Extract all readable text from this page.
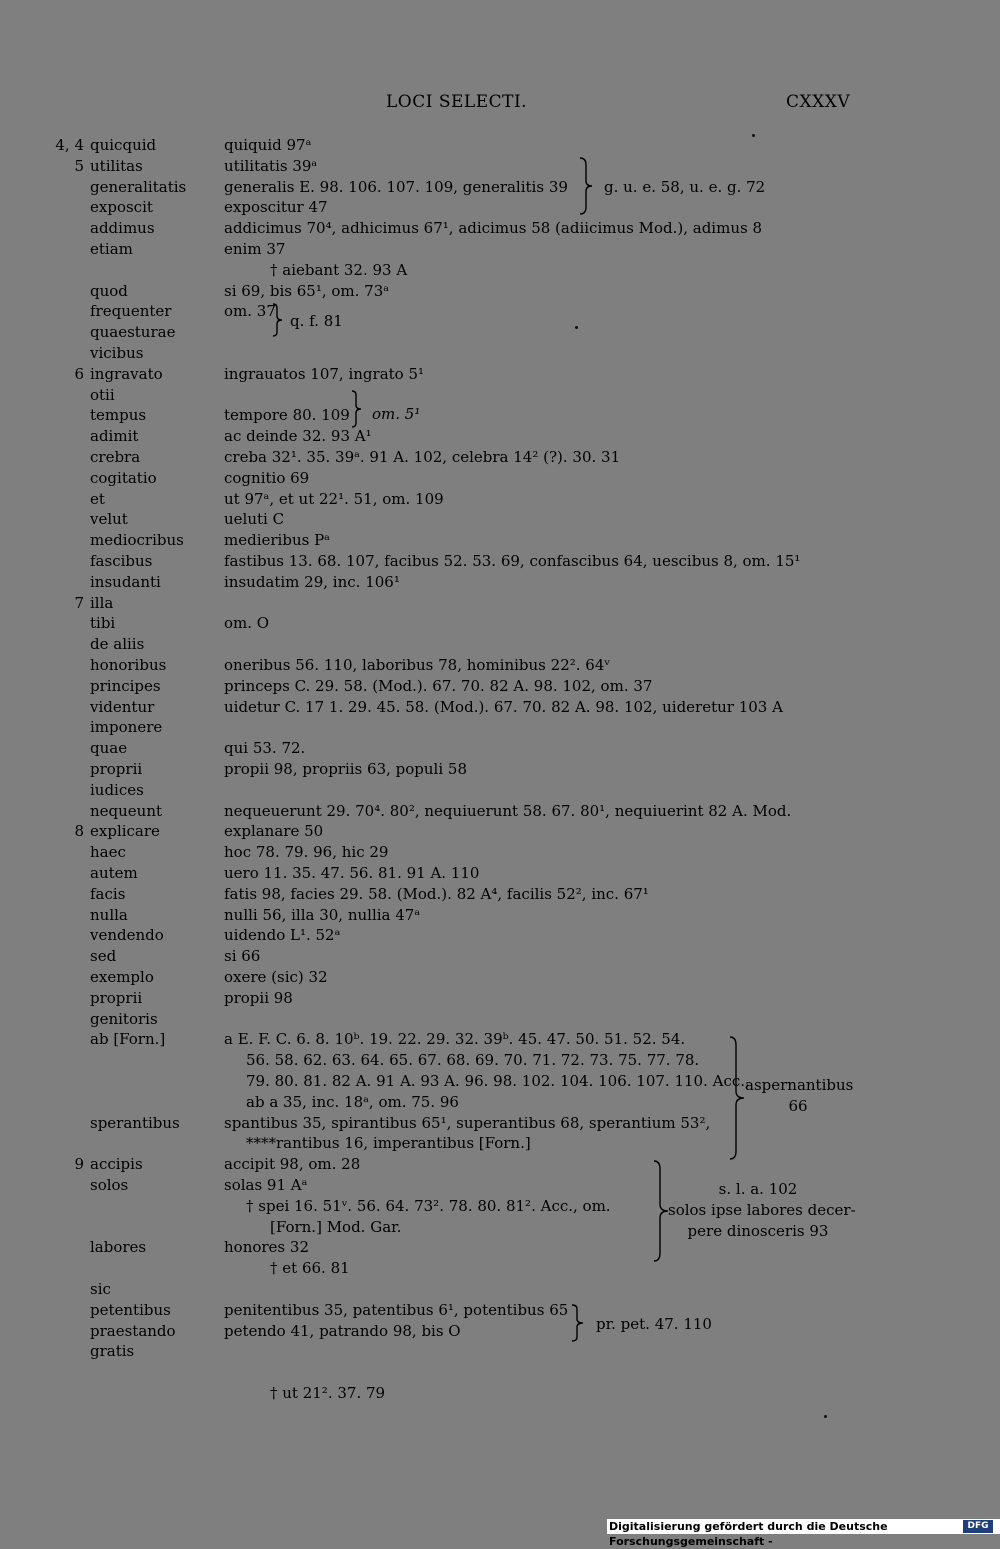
LOCI SELECTI.	CXXXV
4, 4 quicquid	quiquid 97ᵃ
5 utilitas	utilitatis 39ᵃ
generalitatis	generalis E. 98. 106. 107. 109, generalitis 39
exposcit	exposcitur 47
addimus	addicimus 70⁴, adhicimus 67¹, adicimus 58 (adiicimus Mod.), adimus 8
etiam	enim 37
† aiebant 32. 93 A
quod	si 69, bis 65¹, om. 73ᵃ
frequenter	om. 37
quaesturae
vicibus
6 ingravato	ingrauatos 107, ingrato 5¹
otii
tempus	tempore 80. 109
adimit	ac deinde 32. 93 A¹
crebra	creba 32¹. 35. 39ᵃ. 91 A. 102, celebra 14² (?). 30. 31
cogitatio	cognitio 69
et	ut 97ᵃ, et ut 22¹. 51, om. 109
velut	ueluti C
mediocribus	medieribus Pᵃ
fascibus	fastibus 13. 68. 107, facibus 52. 53. 69, confascibus 64, uescibus 8, om. 15¹
insudanti	insudatim 29, inc. 106¹
7 illa
tibi	om. O
de aliis
honoribus	oneribus 56. 110, laboribus 78, hominibus 22². 64ᵛ
principes	princeps C. 29. 58. (Mod.). 67. 70. 82 A. 98. 102, om. 37
videntur	uidetur C. 17 1. 29. 45. 58. (Mod.). 67. 70. 82 A. 98. 102, uideretur 103 A
imponere
quae	qui 53. 72.
proprii	propii 98, propriis 63, populi 58
iudices
nequeunt	nequeuerunt 29. 70⁴. 80², nequiuerunt 58. 67. 80¹, nequiuerint 82 A. Mod.
8 explicare	explanare 50
haec	hoc 78. 79. 96, hic 29
autem	uero 11. 35. 47. 56. 81. 91 A. 110
facis	fatis 98, facies 29. 58. (Mod.). 82 A⁴, facilis 52², inc. 67¹
nulla	nulli 56, illa 30, nullia 47ᵃ
vendendo	uidendo L¹. 52ᵃ
sed	si 66
exemplo	oxere (sic) 32
proprii	propii 98
genitoris
ab [Forn.]	a E. F. C. 6. 8. 10ᵇ. 19. 22. 29. 32. 39ᵇ. 45. 47. 50. 51. 52. 54.
56. 58. 62. 63. 64. 65. 67. 68. 69. 70. 71. 72. 73. 75. 77. 78.
79. 80. 81. 82 A. 91 A. 93 A. 96. 98. 102. 104. 106. 107. 110. Acc.,
ab a 35, inc. 18ᵃ, om. 75. 96
sperantibus	spantibus 35, spirantibus 65¹, superantibus 68, sperantium 53²,
****rantibus 16, imperantibus [Forn.]
9 accipis	accipit 98, om. 28
solos	solas 91 Aᵃ
† spei 16. 51ᵛ. 56. 64. 73². 78. 80. 81². Acc., om.
[Forn.] Mod. Gar.
labores	honores 32
† et 66. 81
sic
petentibus	penitentibus 35, patentibus 6¹, potentibus 65
praestando	petendo 41, patrando 98, bis O
gratis
† ut 21². 37. 79
g. u. e. 58, u. e. g. 72
q. f. 81
om. 5¹
aspernantibus
66
s. l. a. 102
solos ipse labores decer-
pere dinosceris 93
pr. pet. 47. 110
Digitalisierung gefördert durch die Deutsche Forschungsgemeinschaft -
DFG
